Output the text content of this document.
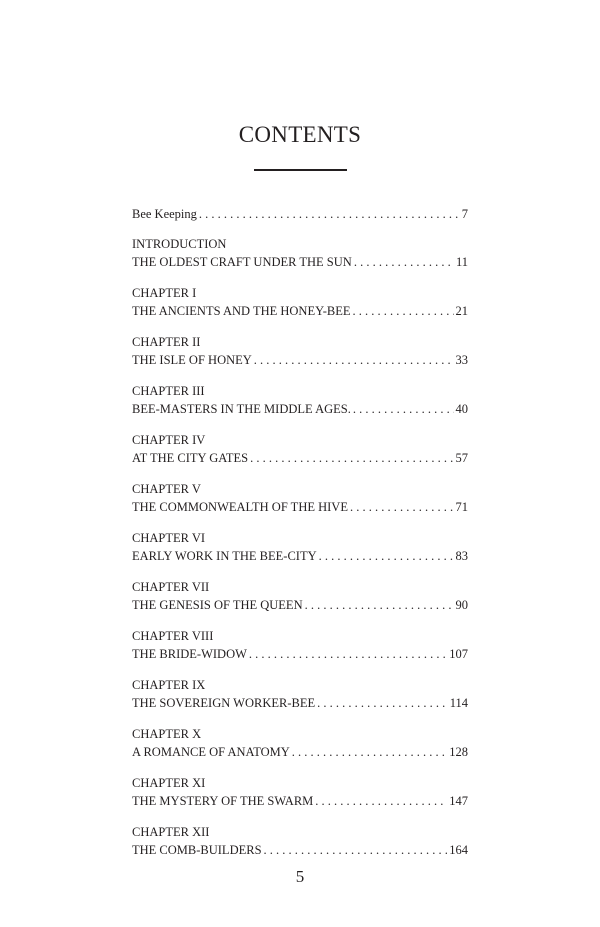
CONTENTS
Bee Keeping . . .	7
INTRODUCTION
THE OLDEST CRAFT UNDER THE SUN . . .	11
CHAPTER I
THE ANCIENTS AND THE HONEY-BEE . . .	21
CHAPTER II
THE ISLE OF HONEY . . .	33
CHAPTER III
BEE-MASTERS IN THE MIDDLE AGES. . . .	40
CHAPTER IV
AT THE CITY GATES . . .	57
CHAPTER V
THE COMMONWEALTH OF THE HIVE . . .	71
CHAPTER VI
EARLY WORK IN THE BEE-CITY . . .	83
CHAPTER VII
THE GENESIS OF THE QUEEN . . .	90
CHAPTER VIII
THE BRIDE-WIDOW . . .	107
CHAPTER IX
THE SOVEREIGN WORKER-BEE . . .	114
CHAPTER X
A ROMANCE OF ANATOMY . . .	128
CHAPTER XI
THE MYSTERY OF THE SWARM . . .	147
CHAPTER XII
THE COMB-BUILDERS . . .	164
5
